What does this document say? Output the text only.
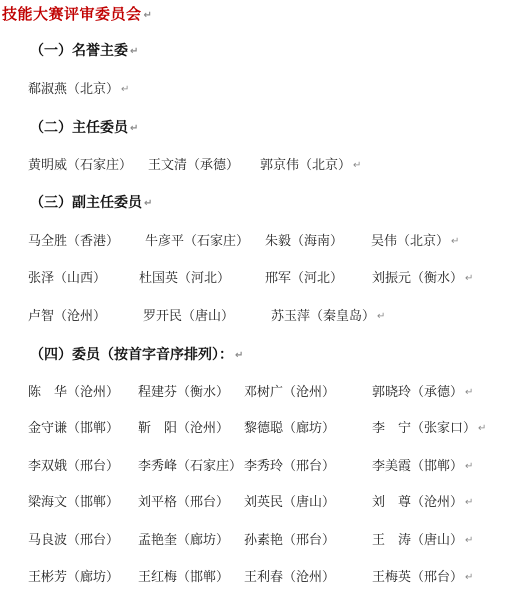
技能大赛评审委员会 ↵
（一）名誉主委 ↵
郗淑燕（北京） ↵
（二）主任委员 ↵
黄明威（石家庄） 王文清（承德） 郭京伟（北京） ↵
（三）副主任委员 ↵
马全胜（香港） 牛彦平（石家庄） 朱毅（海南） 吴伟（北京） ↵
张泽（山西）	杜国英（河北）	邢军（河北） 刘振元（衡水） ↵
卢智（沧州）	罗开民（唐山）	苏玉萍（秦皇岛） ↵
（四）委员（按首字音序排列）： ↵
陈　华（沧州） 程建芬（衡水） 邓树广（沧州）	郭晓玲（承德） ↵
金守谦（邯郸） 靳　阳（沧州） 黎德聪（廊坊）	李　宁（张家口） ↵
李双娥（邢台） 李秀峰（石家庄） 李秀玲（邢台）	李美霞（邯郸） ↵
梁海文（邯郸） 刘平格（邢台） 刘英民（唐山）	刘　尊（沧州） ↵
马良波（邢台） 孟艳奎（廊坊） 孙素艳（邢台）	王　涛（唐山） ↵
王彬芳（廊坊） 王红梅（邯郸） 王利春（沧州）	王梅英（邢台） ↵
